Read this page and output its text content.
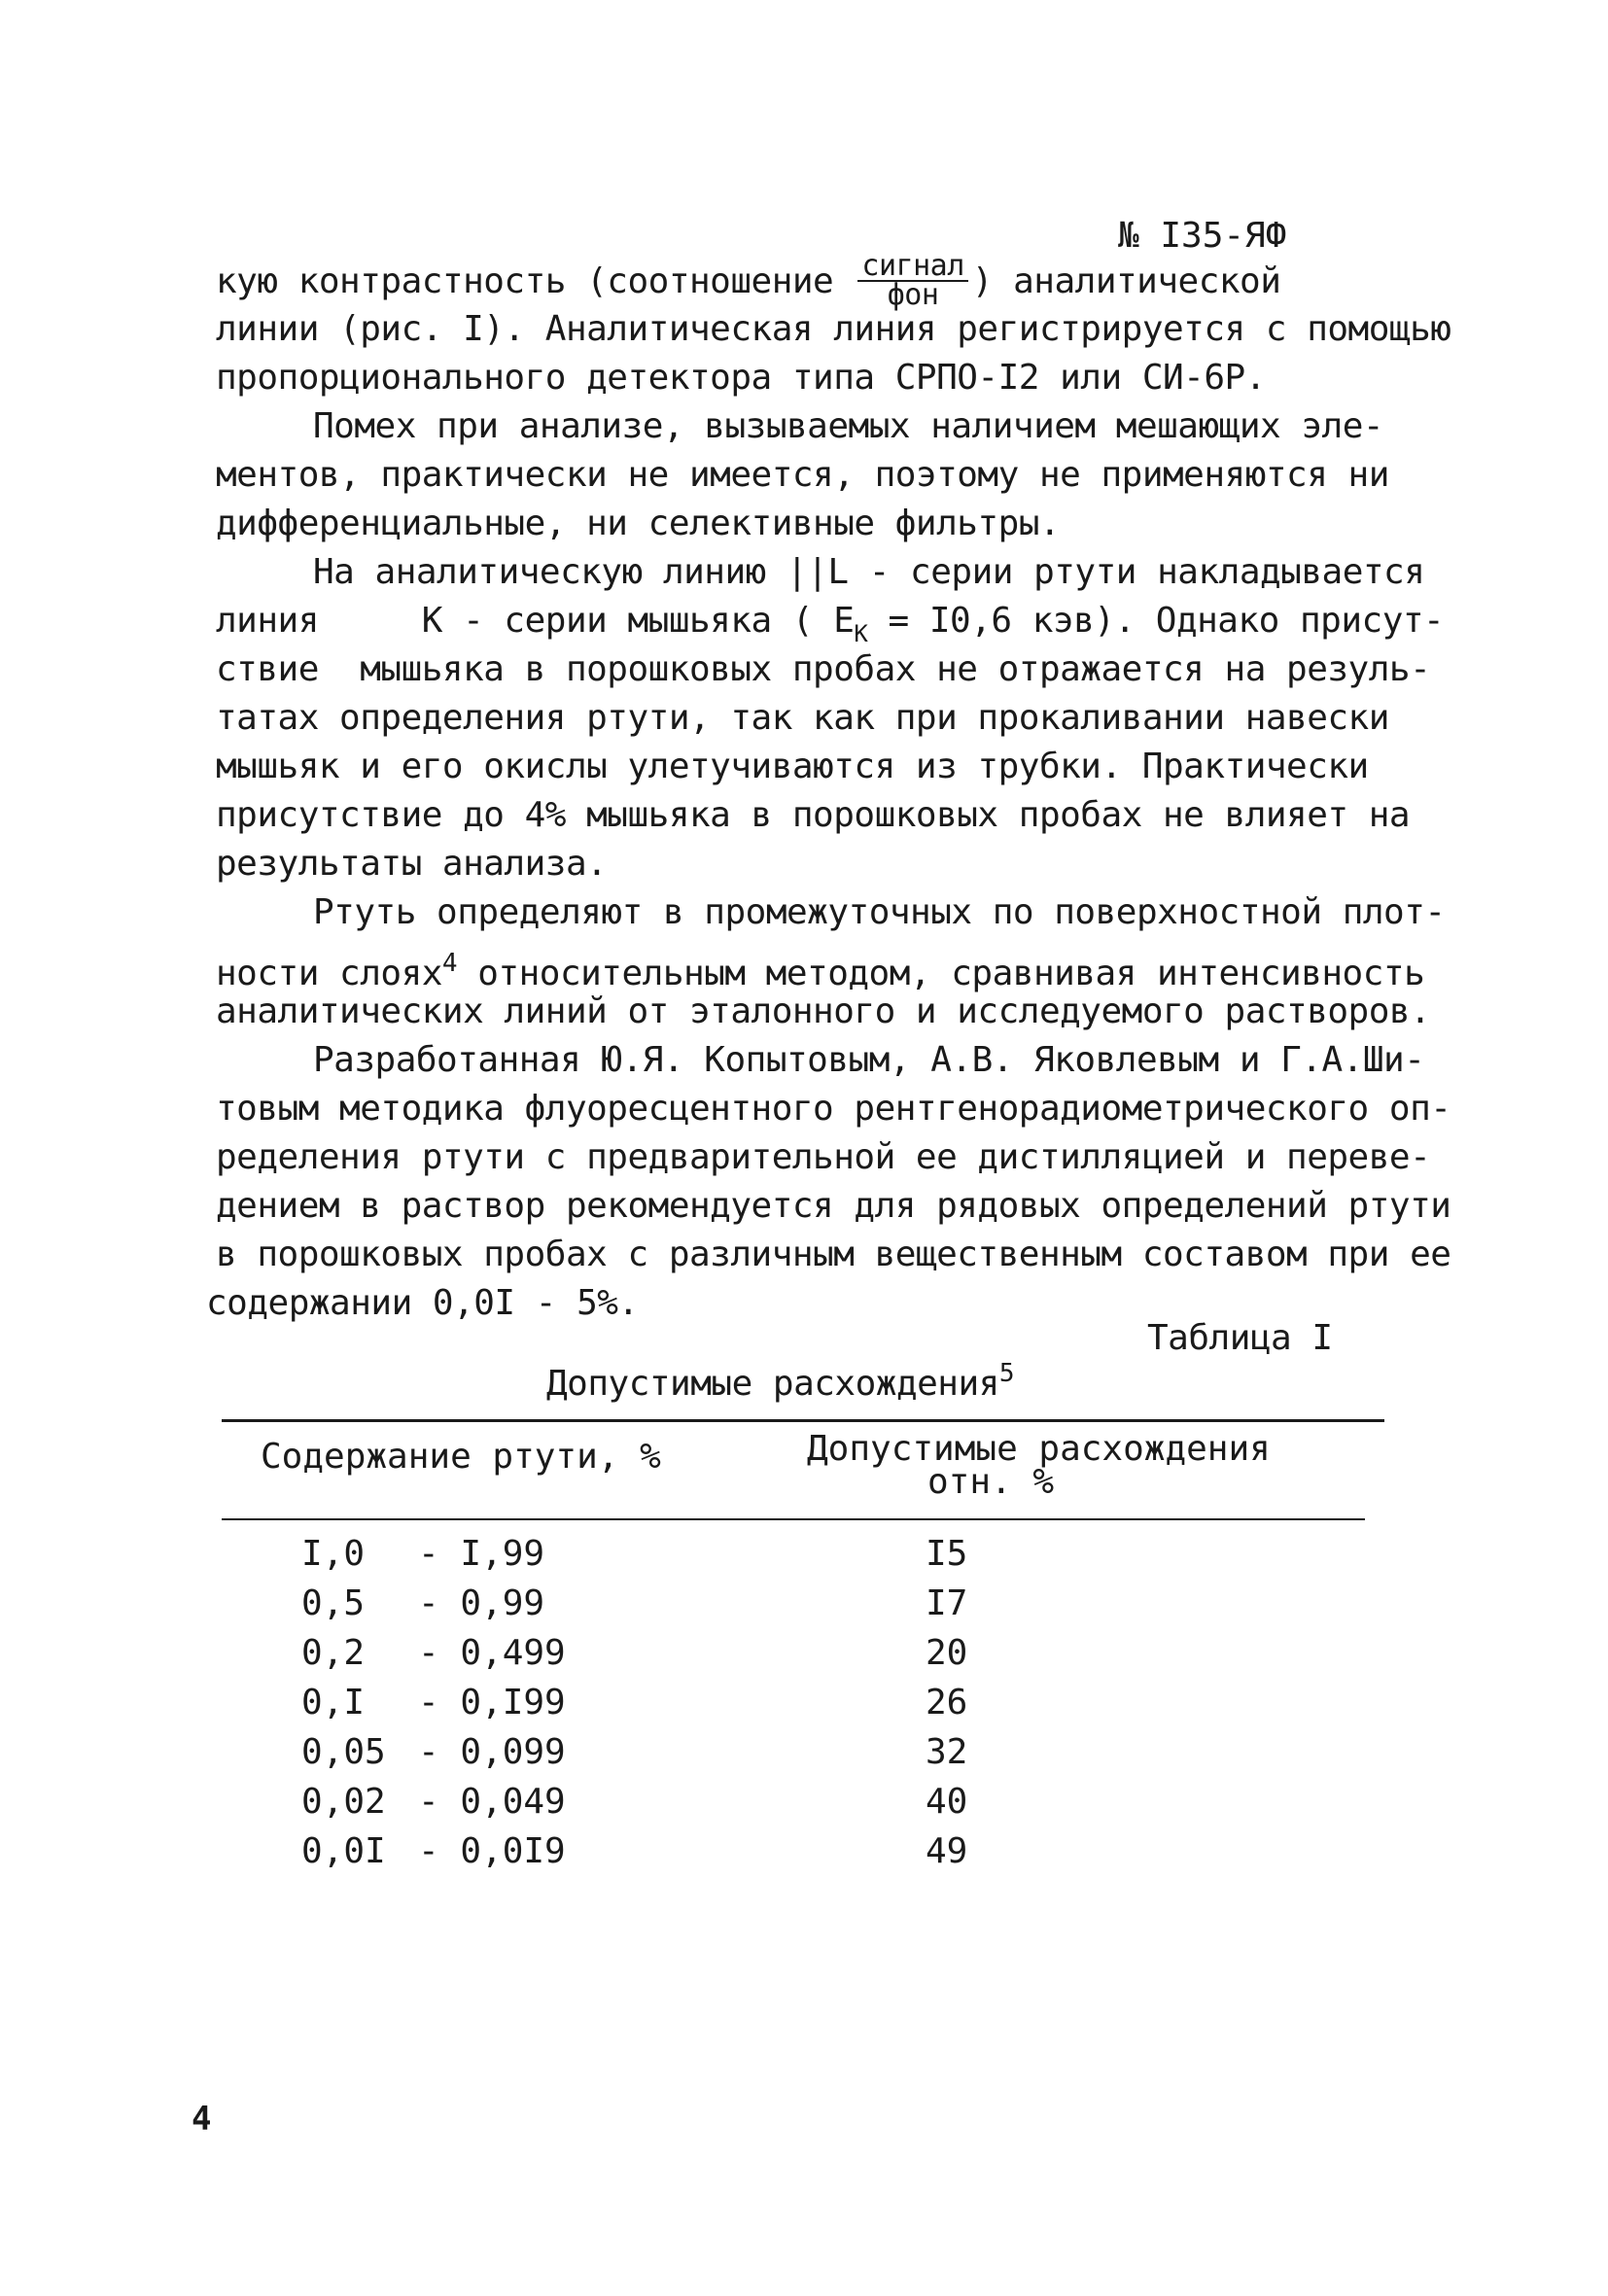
№ I35-ЯФ
кую контрастность (соотношение $\frac{\text{сигнал}}{\text{фон}}$ ) аналитической
линии (рис. I). Аналитическая линия регистрируется с помощью
пропорционального детектора типа СРПО-I2 или СИ-6Р.
Помех при анализе, вызываемых наличием мешающих эле-
ментов, практически не имеется, поэтому не применяются ни
дифференциальные, ни селективные фильтры.
На аналитическую линию ||L - серии ртути накладывается
линия     K - серии мышьяка ( $E_K = I0,6$ кэв). Однако присут-
ствие  мышьяка в порошковых пробах не отражается на резуль-
татах определения ртути, так как при прокаливании навески
мышьяк и его окислы улетучиваются из трубки. Практически
присутствие до 4% мышьяка в порошковых пробах не влияет на
результаты анализа.
Ртуть определяют в промежуточных по поверхностной плот-
ности слоях$^4$ относительным методом, сравнивая интенсивность
аналитических линий от эталонного и исследуемого растворов.
Разработанная Ю.Я. Копытовым, А.В. Яковлевым и Г.А.Ши-
товым методика флуоресцентного рентгенорадиометрического оп-
ределения ртути с предварительной ее дистилляцией и переве-
дением в раствор рекомендуется для рядовых определений ртути
в порошковых пробах с различным вещественным составом при ее
содержании 0,0I - 5%.
Таблица I
Допустимые расхождения$^5$
Содержание ртути, %	Допустимые расхождения
отн. %
I,0 - I,99	I5
0,5 - 0,99	I7
0,2 - 0,499	20
0,I - 0,I99	26
0,05 - 0,099	32
0,02 - 0,049	40
0,0I - 0,0I9	49
4
